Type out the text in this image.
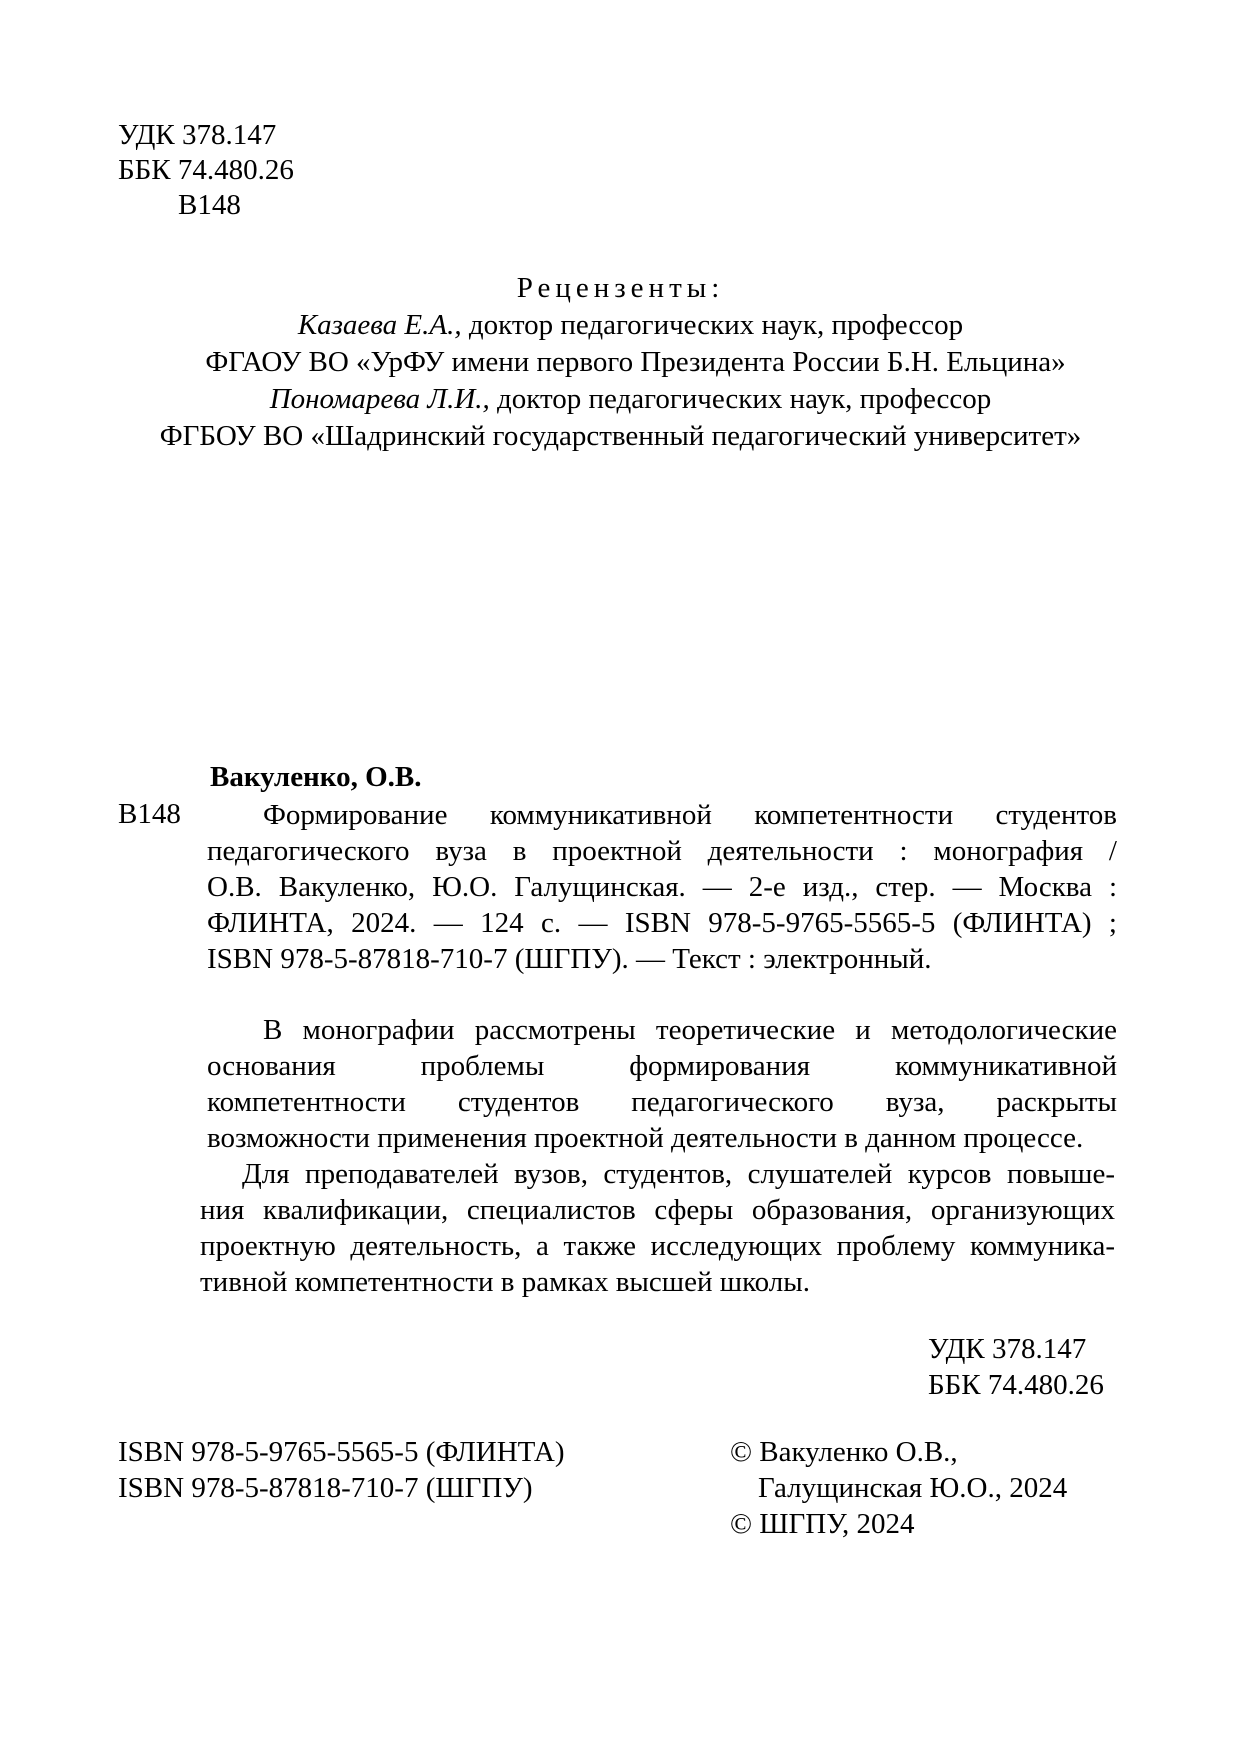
УДК 378.147
ББК 74.480.26
В148
Рецензенты:
Казаева Е.А., доктор педагогических наук, профессор
ФГАОУ ВО «УрФУ имени первого Президента России Б.Н. Ельцина»
Пономарева Л.И., доктор педагогических наук, профессор
ФГБОУ ВО «Шадринский государственный педагогический университет»
Вакуленко, О.В.
В148	Формирование коммуникативной компетентности студентов
педагогического вуза в проектной деятельности : монография /
О.В. Вакуленко, Ю.О. Галущинская. — 2-е изд., стер. — Москва :
ФЛИНТА, 2024. — 124 с. — ISBN 978-5-9765-5565-5 (ФЛИНТА) ;
ISBN 978-5-87818-710-7 (ШГПУ). — Текст : электронный.
В монографии рассмотрены теоретические и методологические
основания проблемы формирования коммуникативной
компетентности студентов педагогического вуза, раскрыты
возможности применения проектной деятельности в данном процессе.
Для преподавателей вузов, студентов, слушателей курсов повыше-
ния квалификации, специалистов сферы образования, организующих
проектную деятельность, а также исследующих проблему коммуника-
тивной компетентности в рамках высшей школы.
УДК 378.147
ББК 74.480.26
ISBN 978-5-9765-5565-5 (ФЛИНТА)
ISBN 978-5-87818-710-7 (ШГПУ)
© Вакуленко О.В.,
Галущинская Ю.О., 2024
© ШГПУ, 2024
